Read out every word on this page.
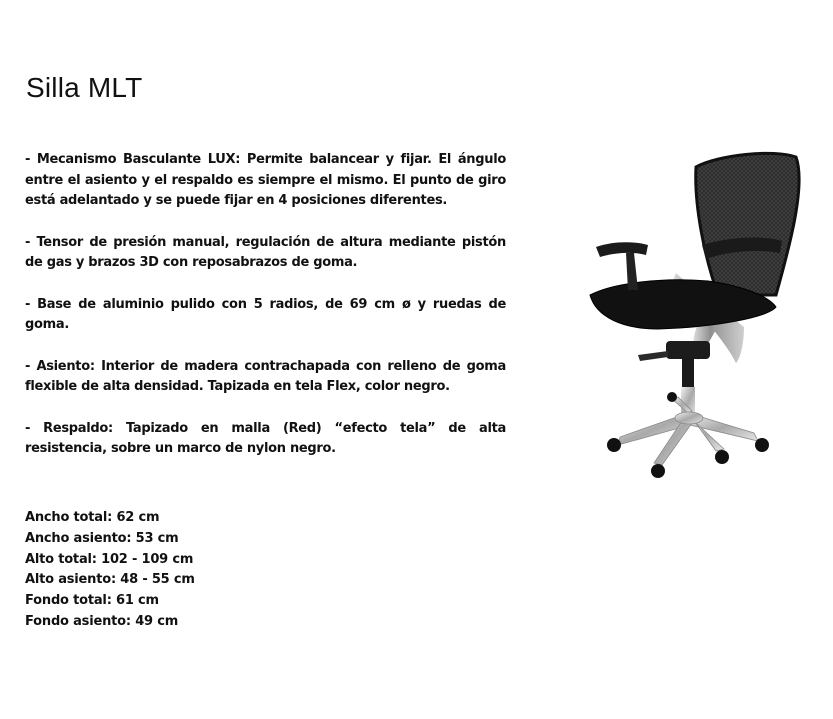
Silla MLT
- Mecanismo Basculante LUX: Permite balancear y fijar. El ángulo entre el asiento y el respaldo es siempre el mismo. El punto de giro está adelantado y se puede fijar en 4 posiciones diferentes.
- Tensor de presión manual, regulación de altura mediante pistón de gas y brazos 3D con reposabrazos de goma.
- Base de aluminio pulido con 5 radios, de 69 cm ø y ruedas de goma.
- Asiento: Interior de madera contrachapada con relleno de goma flexible de alta densidad. Tapizada en tela Flex, color negro.
- Respaldo: Tapizado en malla (Red) “efecto tela” de alta resistencia, sobre un marco de nylon negro.
Ancho total: 62 cm
Ancho asiento: 53 cm
Alto total: 102 - 109 cm
Alto asiento: 48 - 55 cm
Fondo total: 61 cm
Fondo asiento: 49 cm
